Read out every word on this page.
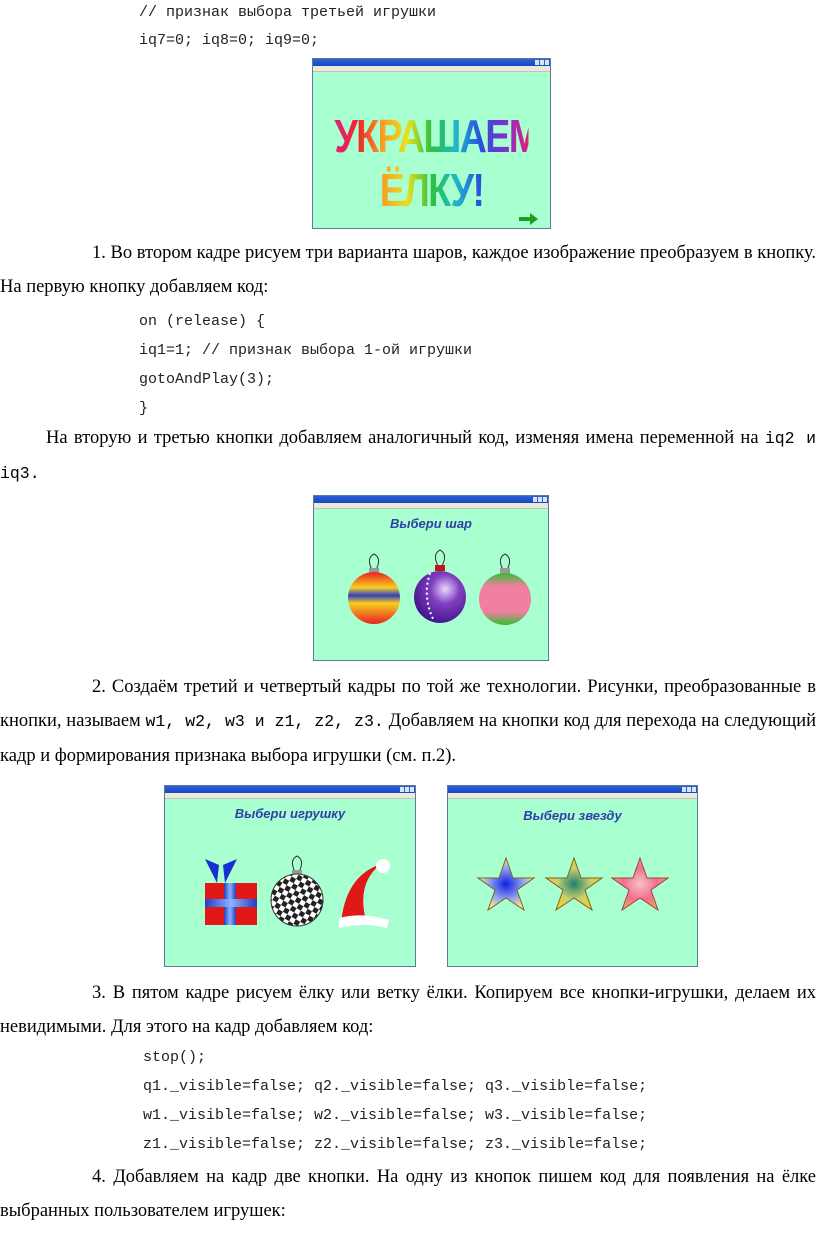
// признак выбора третьей игрушки
iq7=0; iq8=0; iq9=0;
УКРАШАЕМ ЁЛКУ!

1. Во втором кадре рисуем три варианта шаров, каждое изображение преобразуем в кнопку. На первую кнопку добавляем код:

on (release) {
iq1=1; // признак выбора 1-ой игрушки
gotoAndPlay(3);
}

На вторую и третью кнопки добавляем аналогичный код, изменяя имена переменной на iq2 и iq3.

Выбери шар

2. Создаём третий и четвертый кадры по той же технологии. Рисунки, преобразованные в кнопки, называем w1, w2, w3 и z1, z2, z3. Добавляем на кнопки код для перехода на следующий кадр и формирования признака выбора игрушки (см. п.2).

Выбери игрушку	Выбери звезду

3. В пятом кадре рисуем ёлку или ветку ёлки. Копируем все кнопки-игрушки, делаем их невидимыми. Для этого на кадр добавляем код:

stop();
q1._visible=false; q2._visible=false; q3._visible=false;
w1._visible=false; w2._visible=false; w3._visible=false;
z1._visible=false; z2._visible=false; z3._visible=false;

4. Добавляем на кадр две кнопки. На одну из кнопок пишем код для появления на ёлке выбранных пользователем игрушек:
